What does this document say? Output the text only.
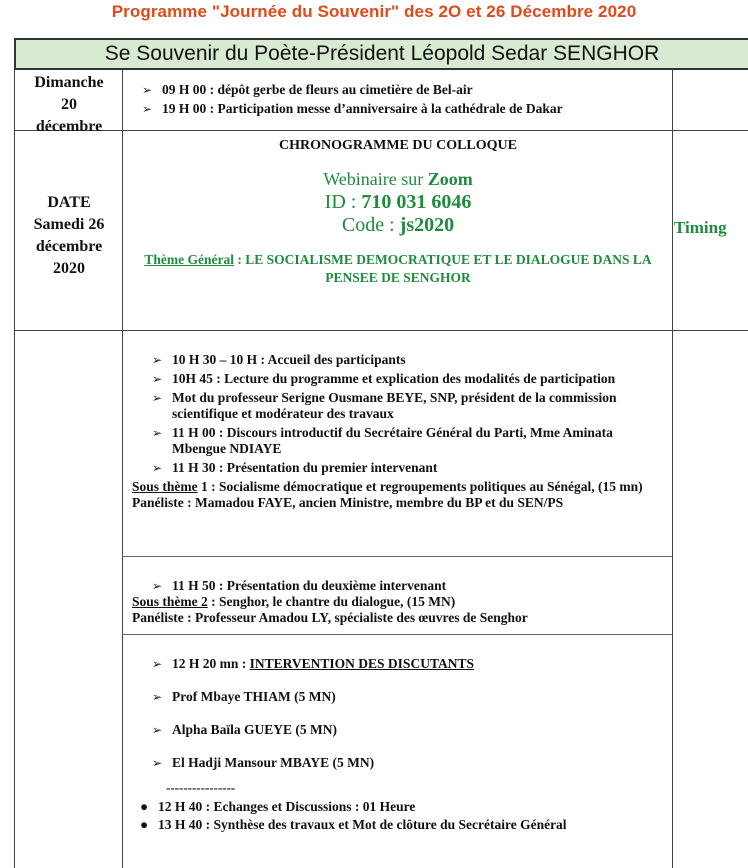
Programme "Journée du Souvenir" des 2O et 26 Décembre 2020
Se Souvenir du Poète-Président Léopold Sedar SENGHOR
Dimanche
20
décembre
➢ 09 H 00 : dépôt gerbe de fleurs au cimetière de Bel-air
➢ 19 H 00 : Participation messe d’anniversaire à la cathédrale de Dakar
DATE
Samedi 26
décembre
2020
CHRONOGRAMME DU COLLOQUE
Webinaire sur Zoom
ID : 710 031 6046
Code : js2020
Thème Général : LE SOCIALISME DEMOCRATIQUE ET LE DIALOGUE DANS LA PENSEE DE SENGHOR
Timing
➢ 10 H 30 – 10 H : Accueil des participants
➢ 10H 45 : Lecture du programme et explication des modalités de participation
➢ Mot du professeur Serigne Ousmane BEYE, SNP, président de la commission scientifique et modérateur des travaux
➢ 11 H 00 : Discours introductif du Secrétaire Général du Parti, Mme Aminata Mbengue NDIAYE
➢ 11 H 30 : Présentation du premier intervenant
Sous thème 1 : Socialisme démocratique et regroupements politiques au Sénégal, (15 mn)
Panéliste : Mamadou FAYE, ancien Ministre, membre du BP et du SEN/PS
➢ 11 H 50 : Présentation du deuxième intervenant
Sous thème 2 : Senghor, le chantre du dialogue, (15 MN)
Panéliste : Professeur Amadou LY, spécialiste des œuvres de Senghor
➢ 12 H 20 mn : INTERVENTION DES DISCUTANTS
➢ Prof Mbaye THIAM (5 MN)
➢ Alpha Baïla GUEYE (5 MN)
➢ El Hadji Mansour MBAYE (5 MN)
----------------
● 12 H 40 : Echanges et Discussions : 01 Heure
● 13 H 40 : Synthèse des travaux et Mot de clôture du Secrétaire Général
